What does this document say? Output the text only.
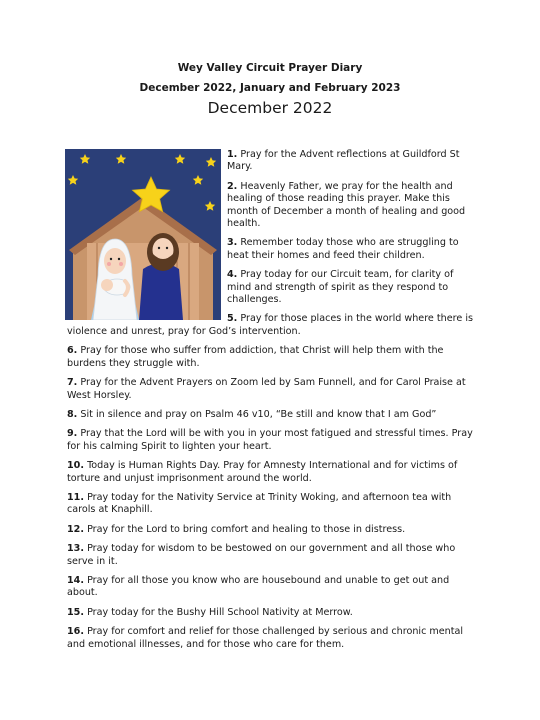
Wey Valley Circuit Prayer Diary
December 2022, January and February 2023
December 2022

1. Pray for the Advent reflections at Guildford St Mary.

2. Heavenly Father, we pray for the health and healing of those reading this prayer. Make this month of December a month of healing and good health.

3. Remember today those who are struggling to heat their homes and feed their children.

4. Pray today for our Circuit team, for clarity of mind and strength of spirit as they respond to challenges.

5. Pray for those places in the world where there is violence and unrest, pray for God’s intervention.

6. Pray for those who suffer from addiction, that Christ will help them with the burdens they struggle with.

7. Pray for the Advent Prayers on Zoom led by Sam Funnell, and for Carol Praise at West Horsley.

8. Sit in silence and pray on Psalm 46 v10, “Be still and know that I am God”

9. Pray that the Lord will be with you in your most fatigued and stressful times. Pray for his calming Spirit to lighten your heart.

10. Today is Human Rights Day. Pray for Amnesty International and for victims of torture and unjust imprisonment around the world.

11. Pray today for the Nativity Service at Trinity Woking, and afternoon tea with carols at Knaphill.

12. Pray for the Lord to bring comfort and healing to those in distress.

13. Pray today for wisdom to be bestowed on our government and all those who serve in it.

14. Pray for all those you know who are housebound and unable to get out and about.

15. Pray today for the Bushy Hill School Nativity at Merrow.

16. Pray for comfort and relief for those challenged by serious and chronic mental and emotional illnesses, and for those who care for them.
